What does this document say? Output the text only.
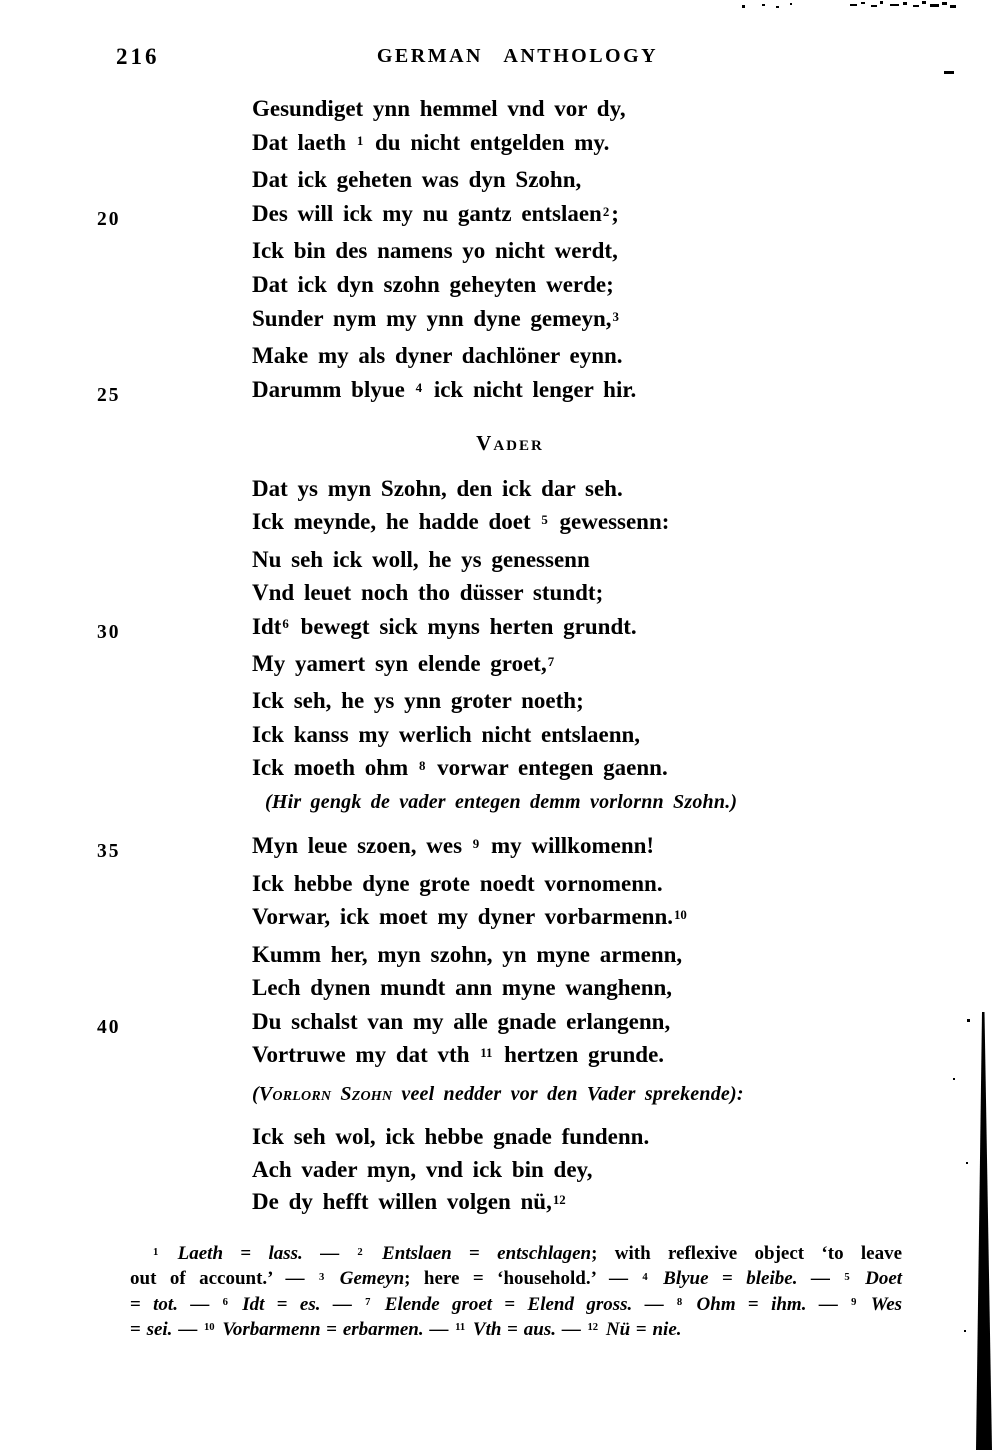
216	GERMAN ANTHOLOGY
Gesundiget ynn hemmel vnd vor dy,
Dat laeth $^1$ du nicht entgelden my.
Dat ick geheten was dyn Szohn,
20	Des will ick my nu gantz entslaen$^2$;
Ick bin des namens yo nicht werdt,
Dat ick dyn szohn geheyten werde;
Sunder nym my ynn dyne gemeyn,$^3$
Make my als dyner dachlöner eynn.
25	Darumm blyue $^4$ ick nicht lenger hir.
Vader
Dat ys myn Szohn, den ick dar seh.
Ick meynde, he hadde doet $^5$ gewessenn:
Nu seh ick woll, he ys genessenn
Vnd leuet noch tho düsser stundt;
30	Idt$^6$ bewegt sick myns herten grundt.
My yamert syn elende groet,$^7$
Ick seh, he ys ynn groter noeth;
Ick kanss my werlich nicht entslaenn,
Ick moeth ohm $^8$ vorwar entegen gaenn.
(Hir gengk de vader entegen demm vorlornn Szohn.)
35	Myn leue szoen, wes $^9$ my willkomenn!
Ick hebbe dyne grote noedt vornomenn.
Vorwar, ick moet my dyner vorbarmenn.$^{10}$
Kumm her, myn szohn, yn myne armenn,
Lech dynen mundt ann myne wanghenn,
40	Du schalst van my alle gnade erlangenn,
Vortruwe my dat vth $^{11}$ hertzen grunde.
(Vorlorn Szohn veel nedder vor den Vader sprekende):
Ick seh wol, ick hebbe gnade fundenn.
Ach vader myn, vnd ick bin dey,
De dy hefft willen volgen nü,$^{12}$
$^1$ Laeth = lass. — $^2$ Entslaen = entschlagen; with reflexive object ‘to leave
out of account.’ — $^3$ Gemeyn; here = ‘household.’ — $^4$ Blyue = bleibe. — $^5$ Doet
= tot. — $^6$ Idt = es. — $^7$ Elende groet = Elend gross. — $^8$ Ohm = ihm. — $^9$ Wes
= sei. — $^{10}$ Vorbarmenn = erbarmen. — $^{11}$ Vth = aus. — $^{12}$ Nü = nie.
